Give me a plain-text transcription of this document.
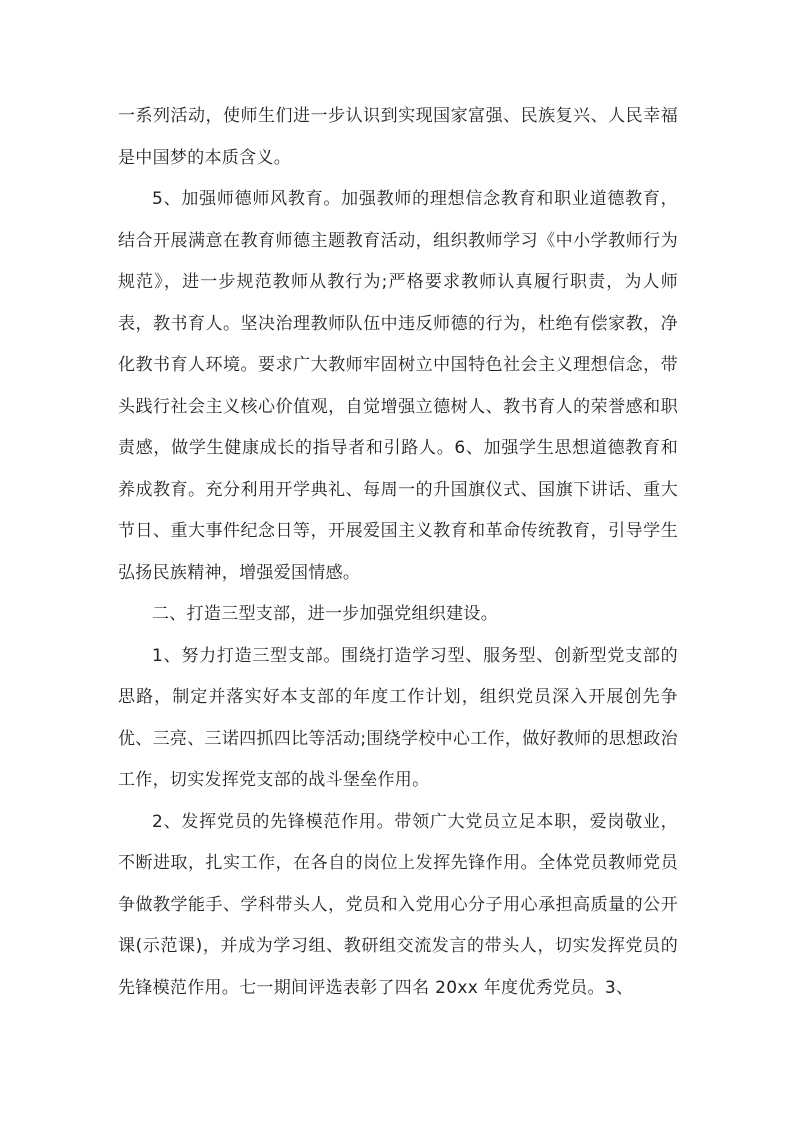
一系列活动，使师生们进一步认识到实现国家富强、民族复兴、人民幸福是中国梦的本质含义。

5、加强师德师风教育。加强教师的理想信念教育和职业道德教育，结合开展满意在教育师德主题教育活动，组织教师学习《中小学教师行为规范》，进一步规范教师从教行为;严格要求教师认真履行职责，为人师表，教书育人。坚决治理教师队伍中违反师德的行为，杜绝有偿家教，净化教书育人环境。要求广大教师牢固树立中国特色社会主义理想信念，带头践行社会主义核心价值观，自觉增强立德树人、教书育人的荣誉感和职责感，做学生健康成长的指导者和引路人。6、加强学生思想道德教育和养成教育。充分利用开学典礼、每周一的升国旗仪式、国旗下讲话、重大节日、重大事件纪念日等，开展爱国主义教育和革命传统教育，引导学生弘扬民族精神，增强爱国情感。

二、打造三型支部，进一步加强党组织建设。

1、努力打造三型支部。围绕打造学习型、服务型、创新型党支部的思路，制定并落实好本支部的年度工作计划，组织党员深入开展创先争优、三亮、三诺四抓四比等活动;围绕学校中心工作，做好教师的思想政治工作，切实发挥党支部的战斗堡垒作用。

2、发挥党员的先锋模范作用。带领广大党员立足本职，爱岗敬业，不断进取，扎实工作，在各自的岗位上发挥先锋作用。全体党员教师党员争做教学能手、学科带头人，党员和入党用心分子用心承担高质量的公开课(示范课)，并成为学习组、教研组交流发言的带头人，切实发挥党员的先锋模范作用。七一期间评选表彰了四名 20xx 年度优秀党员。3、
